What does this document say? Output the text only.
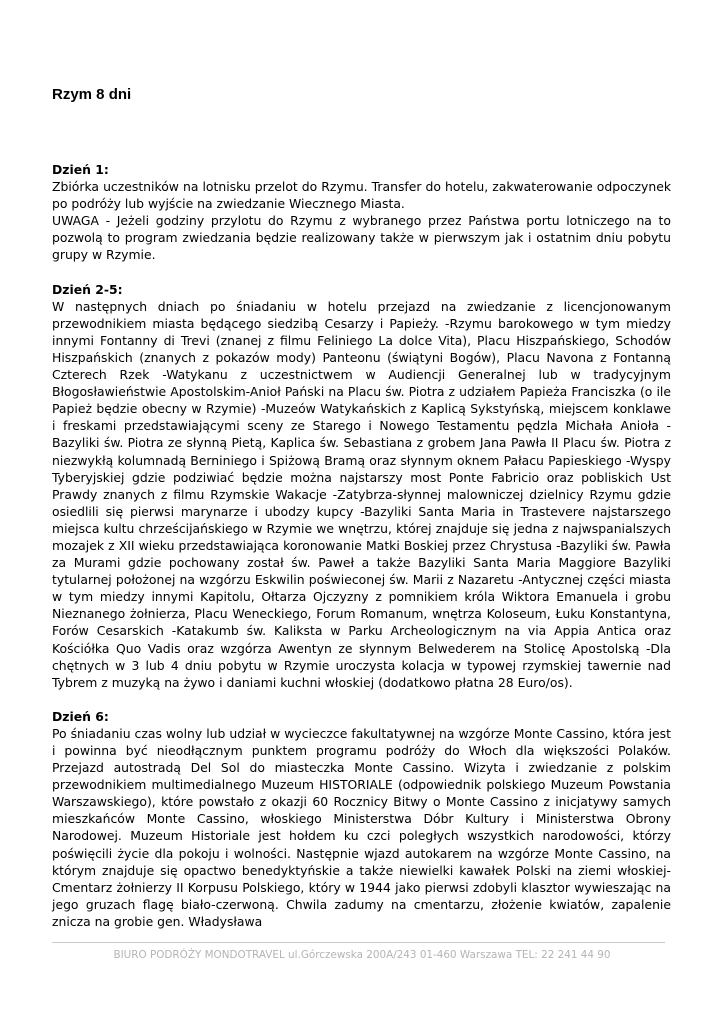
Rzym 8 dni
Dzień 1:
Zbiórka uczestników na lotnisku przelot do Rzymu. Transfer do hotelu, zakwaterowanie odpoczynek po podróży lub wyjście na zwiedzanie Wiecznego Miasta.
UWAGA - Jeżeli godziny przylotu do Rzymu z wybranego przez Państwa portu lotniczego na to pozwolą to program zwiedzania będzie realizowany także w pierwszym jak i ostatnim dniu pobytu grupy w Rzymie.
Dzień 2-5:
W następnych dniach po śniadaniu w hotelu przejazd na zwiedzanie z licencjonowanym przewodnikiem miasta będącego siedzibą Cesarzy i Papieży. -Rzymu barokowego w tym miedzy innymi Fontanny di Trevi (znanej z filmu Feliniego La dolce Vita), Placu Hiszpańskiego, Schodów Hiszpańskich (znanych z pokazów mody) Panteonu (świątyni Bogów), Placu Navona z Fontanną Czterech Rzek -Watykanu z uczestnictwem w Audiencji Generalnej lub w tradycyjnym Błogosławieństwie Apostolskim-Anioł Pański na Placu św. Piotra z udziałem Papieża Franciszka (o ile Papież będzie obecny w Rzymie) -Muzeów Watykańskich z Kaplicą Sykstyńską, miejscem konklawe i freskami przedstawiającymi sceny ze Starego i Nowego Testamentu pędzla Michała Anioła -Bazyliki św. Piotra ze słynną Pietą, Kaplica św. Sebastiana z grobem Jana Pawła II Placu św. Piotra z niezwykłą kolumnadą Berniniego i Spiżową Bramą oraz słynnym oknem Pałacu Papieskiego -Wyspy Tyberyjskiej gdzie podziwiać będzie można najstarszy most Ponte Fabricio oraz pobliskich Ust Prawdy znanych z filmu Rzymskie Wakacje -Zatybrza-słynnej malowniczej dzielnicy Rzymu gdzie osiedlili się pierwsi marynarze i ubodzy kupcy -Bazyliki Santa Maria in Trastevere najstarszego miejsca kultu chrześcijańskiego w Rzymie we wnętrzu, której znajduje się jedna z najwspanialszych mozajek z XII wieku przedstawiająca koronowanie Matki Boskiej przez Chrystusa -Bazyliki św. Pawła za Murami gdzie pochowany został św. Paweł a także Bazyliki Santa Maria Maggiore Bazyliki tytularnej położonej na wzgórzu Eskwilin poświeconej św. Marii z Nazaretu -Antycznej części miasta w tym miedzy innymi Kapitolu, Ołtarza Ojczyzny z pomnikiem króla Wiktora Emanuela i grobu Nieznanego żołnierza, Placu Weneckiego, Forum Romanum, wnętrza Koloseum, Łuku Konstantyna, Forów Cesarskich -Katakumb św. Kaliksta w Parku Archeologicznym na via Appia Antica oraz Kościółka Quo Vadis oraz wzgórza Awentyn ze słynnym Belwederem na Stolicę Apostolską -Dla chętnych w 3 lub 4 dniu pobytu w Rzymie uroczysta kolacja w typowej rzymskiej tawernie nad Tybrem z muzyką na żywo i daniami kuchni włoskiej (dodatkowo płatna 28 Euro/os).
Dzień 6:
Po śniadaniu czas wolny lub udział w wycieczce fakultatywnej na wzgórze Monte Cassino, która jest i powinna być nieodłącznym punktem programu podróży do Włoch dla większości Polaków. Przejazd autostradą Del Sol do miasteczka Monte Cassino. Wizyta i zwiedzanie z polskim przewodnikiem multimedialnego Muzeum HISTORIALE (odpowiednik polskiego Muzeum Powstania Warszawskiego), które powstało z okazji 60 Rocznicy Bitwy o Monte Cassino z inicjatywy samych mieszkańców Monte Cassino, włoskiego Ministerstwa Dóbr Kultury i Ministerstwa Obrony Narodowej. Muzeum Historiale jest hołdem ku czci poległych wszystkich narodowości, którzy poświęcili życie dla pokoju i wolności. Następnie wjazd autokarem na wzgórze Monte Cassino, na którym znajduje się opactwo benedyktyńskie a także niewielki kawałek Polski na ziemi włoskiej- Cmentarz żołnierzy II Korpusu Polskiego, który w 1944 jako pierwsi zdobyli klasztor wywieszając na jego gruzach flagę biało-czerwoną. Chwila zadumy na cmentarzu, złożenie kwiatów, zapalenie znicza na grobie gen. Władysława
BIURO PODRÓŻY MONDOTRAVEL ul.Górczewska 200A/243 01-460 Warszawa TEL: 22 241 44 90
